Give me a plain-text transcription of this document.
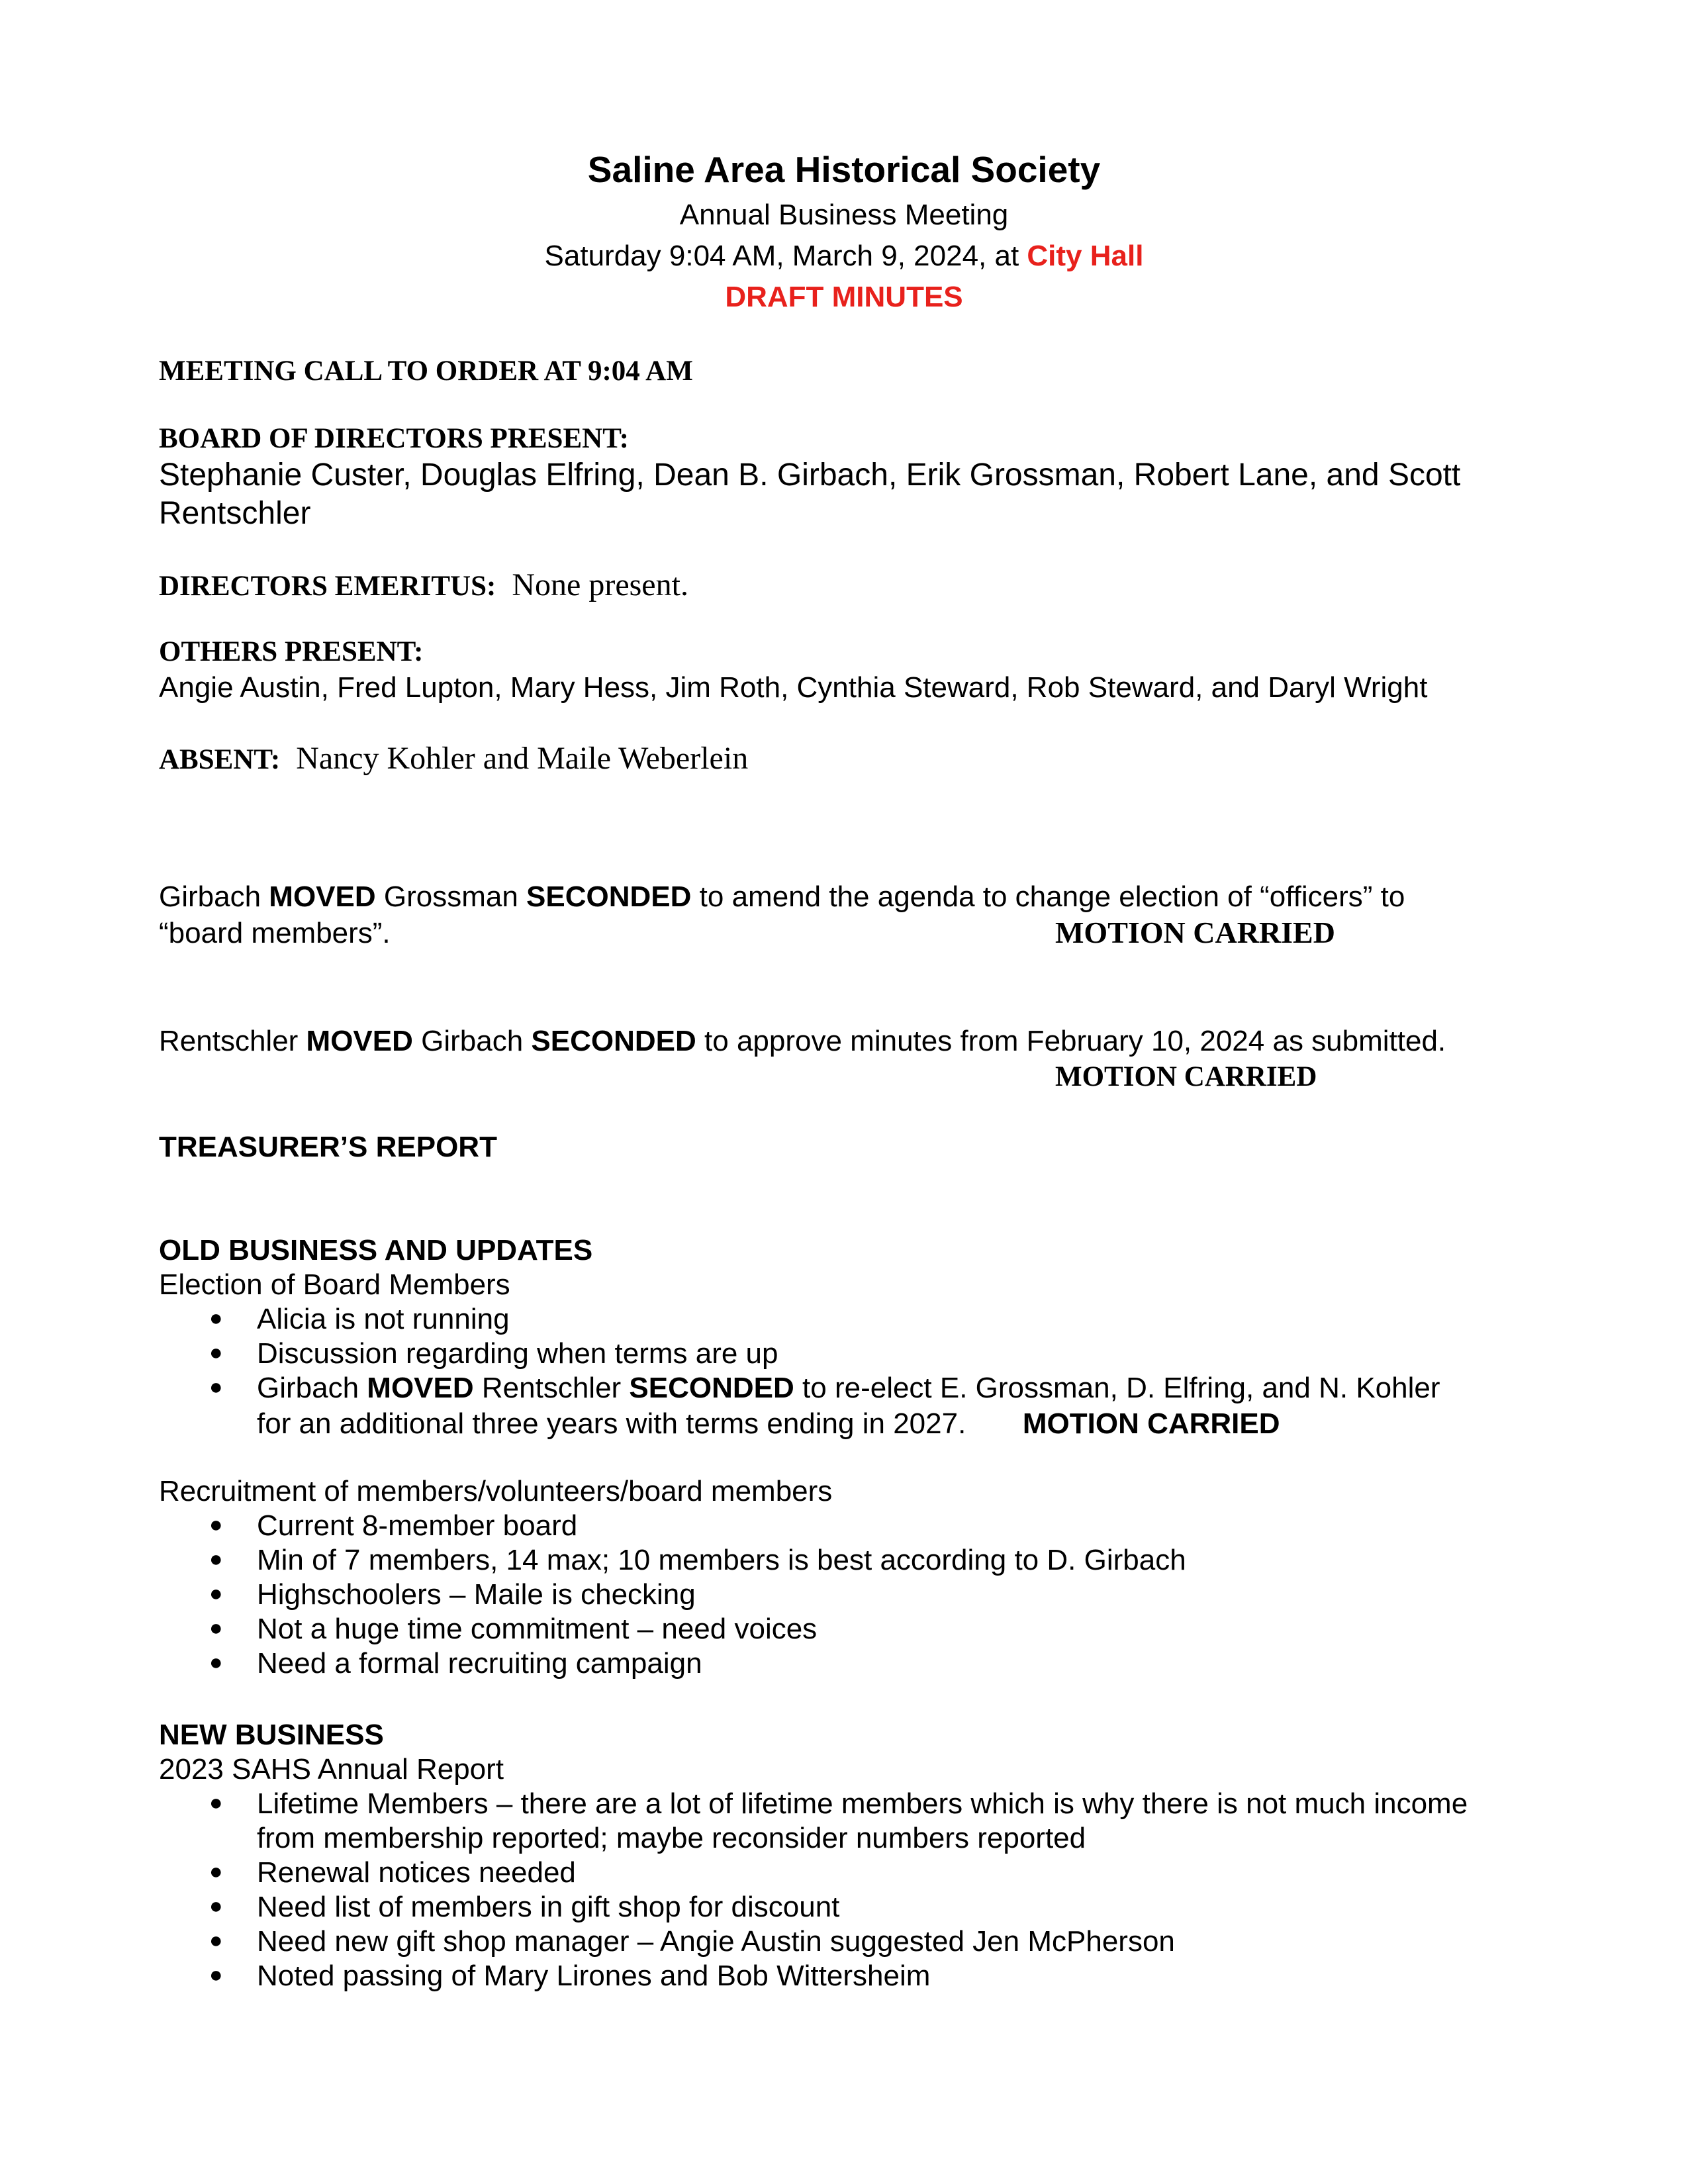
Saline Area Historical Society
Annual Business Meeting
Saturday 9:04 AM, March 9, 2024, at City Hall
DRAFT MINUTES
MEETING CALL TO ORDER AT 9:04 AM
BOARD OF DIRECTORS PRESENT:
Stephanie Custer, Douglas Elfring, Dean B. Girbach, Erik Grossman, Robert Lane, and Scott
Rentschler
DIRECTORS EMERITUS: None present.
OTHERS PRESENT:
Angie Austin, Fred Lupton, Mary Hess, Jim Roth, Cynthia Steward, Rob Steward, and Daryl Wright
ABSENT: Nancy Kohler and Maile Weberlein
Girbach MOVED Grossman SECONDED to amend the agenda to change election of “officers” to
“board members”.	MOTION CARRIED
Rentschler MOVED Girbach SECONDED to approve minutes from February 10, 2024 as submitted.
MOTION CARRIED
TREASURER’S REPORT
OLD BUSINESS AND UPDATES
Election of Board Members
● Alicia is not running
● Discussion regarding when terms are up
● Girbach MOVED Rentschler SECONDED to re-elect E. Grossman, D. Elfring, and N. Kohler
for an additional three years with terms ending in 2027. MOTION CARRIED
Recruitment of members/volunteers/board members
● Current 8-member board
● Min of 7 members, 14 max; 10 members is best according to D. Girbach
● Highschoolers – Maile is checking
● Not a huge time commitment – need voices
● Need a formal recruiting campaign
NEW BUSINESS
2023 SAHS Annual Report
● Lifetime Members – there are a lot of lifetime members which is why there is not much income
from membership reported; maybe reconsider numbers reported
● Renewal notices needed
● Need list of members in gift shop for discount
● Need new gift shop manager – Angie Austin suggested Jen McPherson
● Noted passing of Mary Lirones and Bob Wittersheim
